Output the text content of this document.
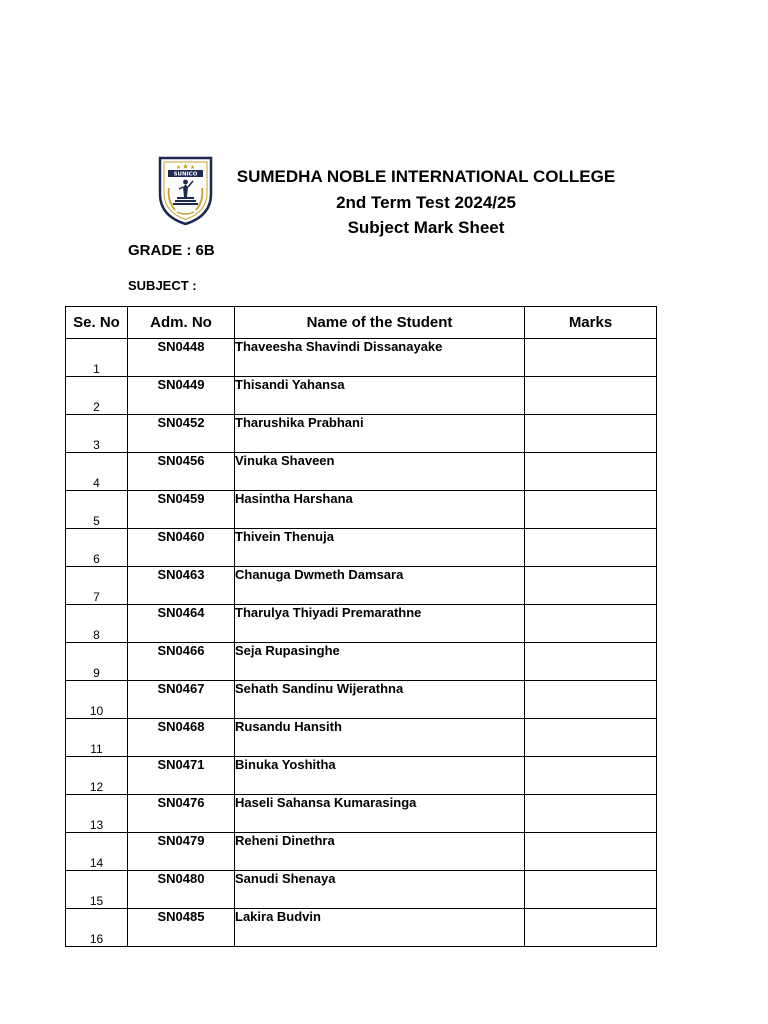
SUNICO	SUMEDHA NOBLE INTERNATIONAL COLLEGE
2nd Term Test 2024/25
Subject Mark Sheet
GRADE : 6B
SUBJECT :
Se. No	Adm. No	Name of the Student	Marks
1	SN0448	Thaveesha Shavindi Dissanayake	
2	SN0449	Thisandi Yahansa	
3	SN0452	Tharushika Prabhani	
4	SN0456	Vinuka Shaveen	
5	SN0459	Hasintha Harshana	
6	SN0460	Thivein Thenuja	
7	SN0463	Chanuga Dwmeth Damsara	
8	SN0464	Tharulya Thiyadi Premarathne	
9	SN0466	Seja Rupasinghe	
10	SN0467	Sehath Sandinu Wijerathna	
11	SN0468	Rusandu Hansith	
12	SN0471	Binuka Yoshitha	
13	SN0476	Haseli Sahansa Kumarasinga	
14	SN0479	Reheni Dinethra	
15	SN0480	Sanudi Shenaya	
16	SN0485	Lakira Budvin	
